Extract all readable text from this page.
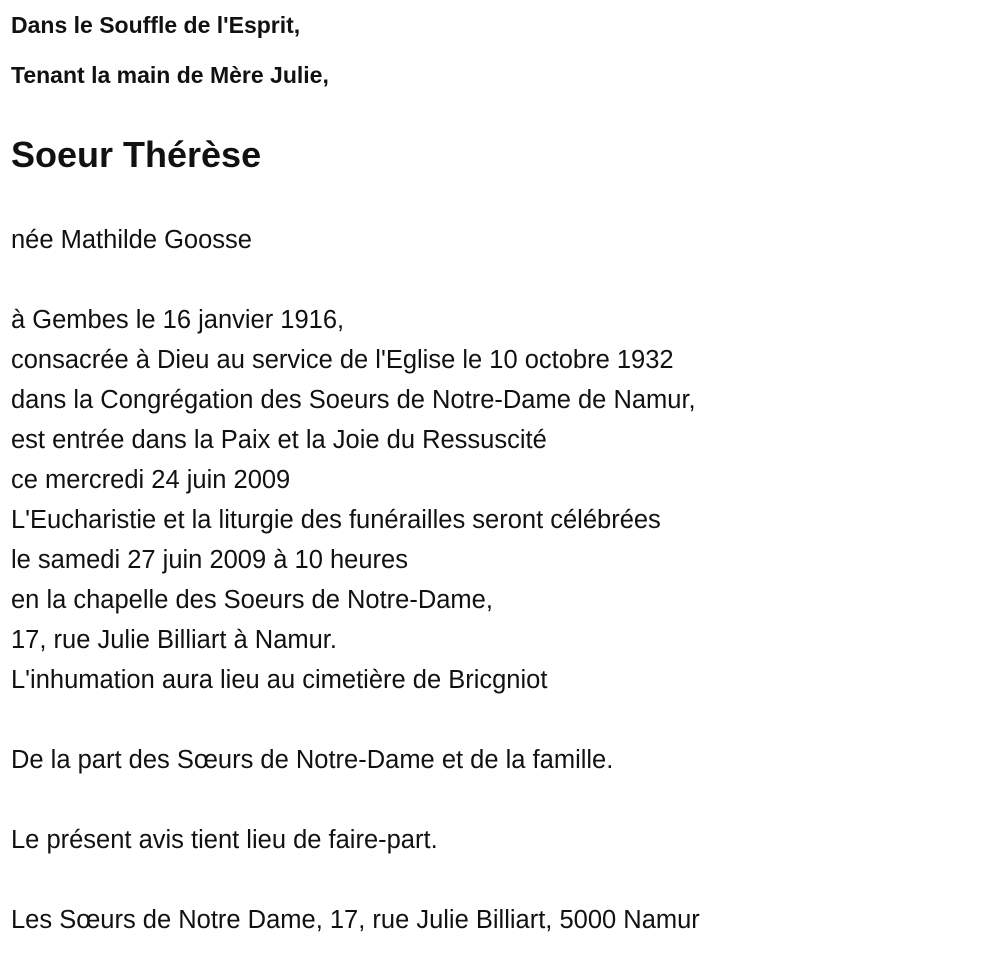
Dans le Souffle de l'Esprit,
Tenant la main de Mère Julie,
Soeur Thérèse
née Mathilde Goosse
à Gembes le 16 janvier 1916,
consacrée à Dieu au service de l'Eglise le 10 octobre 1932
dans la Congrégation des Soeurs de Notre-Dame de Namur,
est entrée dans la Paix et la Joie du Ressuscité
ce mercredi 24 juin 2009
L'Eucharistie et la liturgie des funérailles seront célébrées
le samedi 27 juin 2009 à 10 heures
en la chapelle des Soeurs de Notre-Dame,
17, rue Julie Billiart à Namur.
L'inhumation aura lieu au cimetière de Bricgniot
De la part des Sœurs de Notre-Dame et de la famille.
Le présent avis tient lieu de faire-part.
Les Sœurs de Notre Dame, 17, rue Julie Billiart, 5000 Namur
